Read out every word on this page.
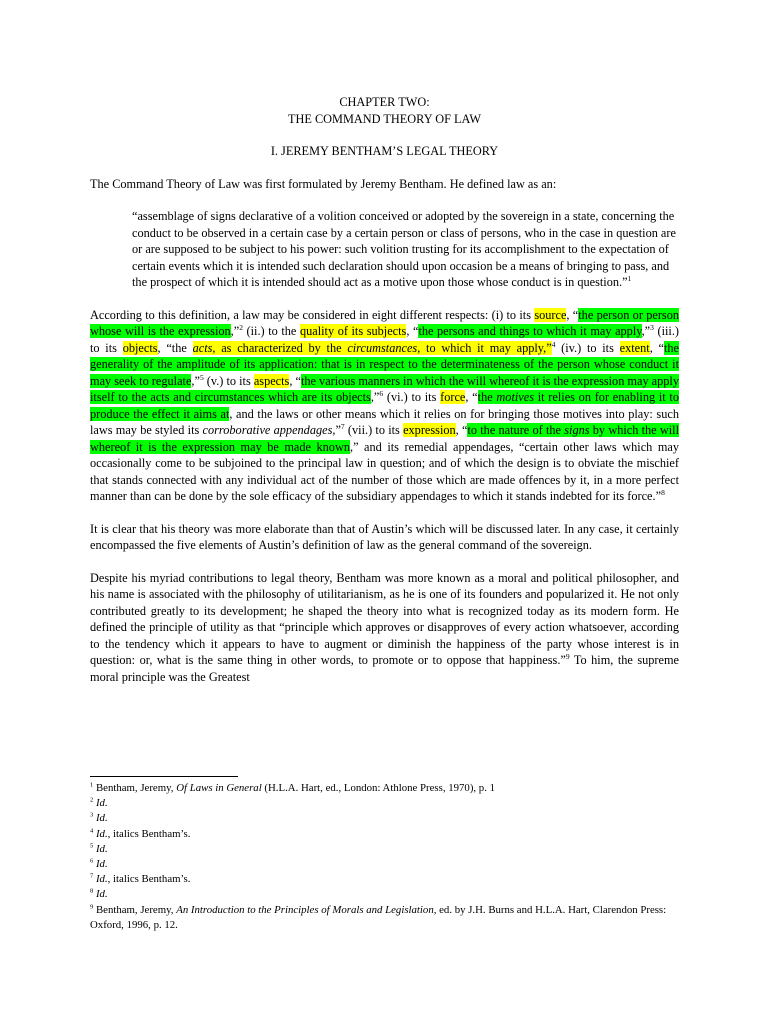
CHAPTER TWO:
THE COMMAND THEORY OF LAW
I. JEREMY BENTHAM’S LEGAL THEORY
The Command Theory of Law was first formulated by Jeremy Bentham. He defined law as an:
“assemblage of signs declarative of a volition conceived or adopted by the sovereign in a state, concerning the conduct to be observed in a certain case by a certain person or class of persons, who in the case in question are or are supposed to be subject to his power: such volition trusting for its accomplishment to the expectation of certain events which it is intended such declaration should upon occasion be a means of bringing to pass, and the prospect of which it is intended should act as a motive upon those whose conduct is in question.”$^1$
According to this definition, a law may be considered in eight different respects: (i) to its source, “the person or person whose will is the expression,”$^2$ (ii.) to the quality of its subjects, “the persons and things to which it may apply,”$^3$ (iii.) to its objects, “the acts, as characterized by the circumstances, to which it may apply,”$^4$ (iv.) to its extent, “the generality of the amplitude of its application: that is in respect to the determinateness of the person whose conduct it may seek to regulate,”$^5$ (v.) to its aspects, “the various manners in which the will whereof it is the expression may apply itself to the acts and circumstances which are its objects,”$^6$ (vi.) to its force, “the motives it relies on for enabling it to produce the effect it aims at, and the laws or other means which it relies on for bringing those motives into play: such laws may be styled its corroborative appendages,”$^7$ (vii.) to its expression, “to the nature of the signs by which the will whereof it is the expression may be made known,” and its remedial appendages, “certain other laws which may occasionally come to be subjoined to the principal law in question; and of which the design is to obviate the mischief that stands connected with any individual act of the number of those which are made offences by it, in a more perfect manner than can be done by the sole efficacy of the subsidiary appendages to which it stands indebted for its force.”$^8$
It is clear that his theory was more elaborate than that of Austin’s which will be discussed later. In any case, it certainly encompassed the five elements of Austin’s definition of law as the general command of the sovereign.
Despite his myriad contributions to legal theory, Bentham was more known as a moral and political philosopher, and his name is associated with the philosophy of utilitarianism, as he is one of its founders and popularized it. He not only contributed greatly to its development; he shaped the theory into what is recognized today as its modern form. He defined the principle of utility as that “principle which approves or disapproves of every action whatsoever, according to the tendency which it appears to have to augment or diminish the happiness of the party whose interest is in question: or, what is the same thing in other words, to promote or to oppose that happiness.”$^9$ To him, the supreme moral principle was the Greatest
$^1$ Bentham, Jeremy, Of Laws in General (H.L.A. Hart, ed., London: Athlone Press, 1970), p. 1
$^2$ Id.
$^3$ Id.
$^4$ Id., italics Bentham’s.
$^5$ Id.
$^6$ Id.
$^7$ Id., italics Bentham’s.
$^8$ Id.
$^9$ Bentham, Jeremy, An Introduction to the Principles of Morals and Legislation, ed. by J.H. Burns and H.L.A. Hart, Clarendon Press: Oxford, 1996, p. 12.
